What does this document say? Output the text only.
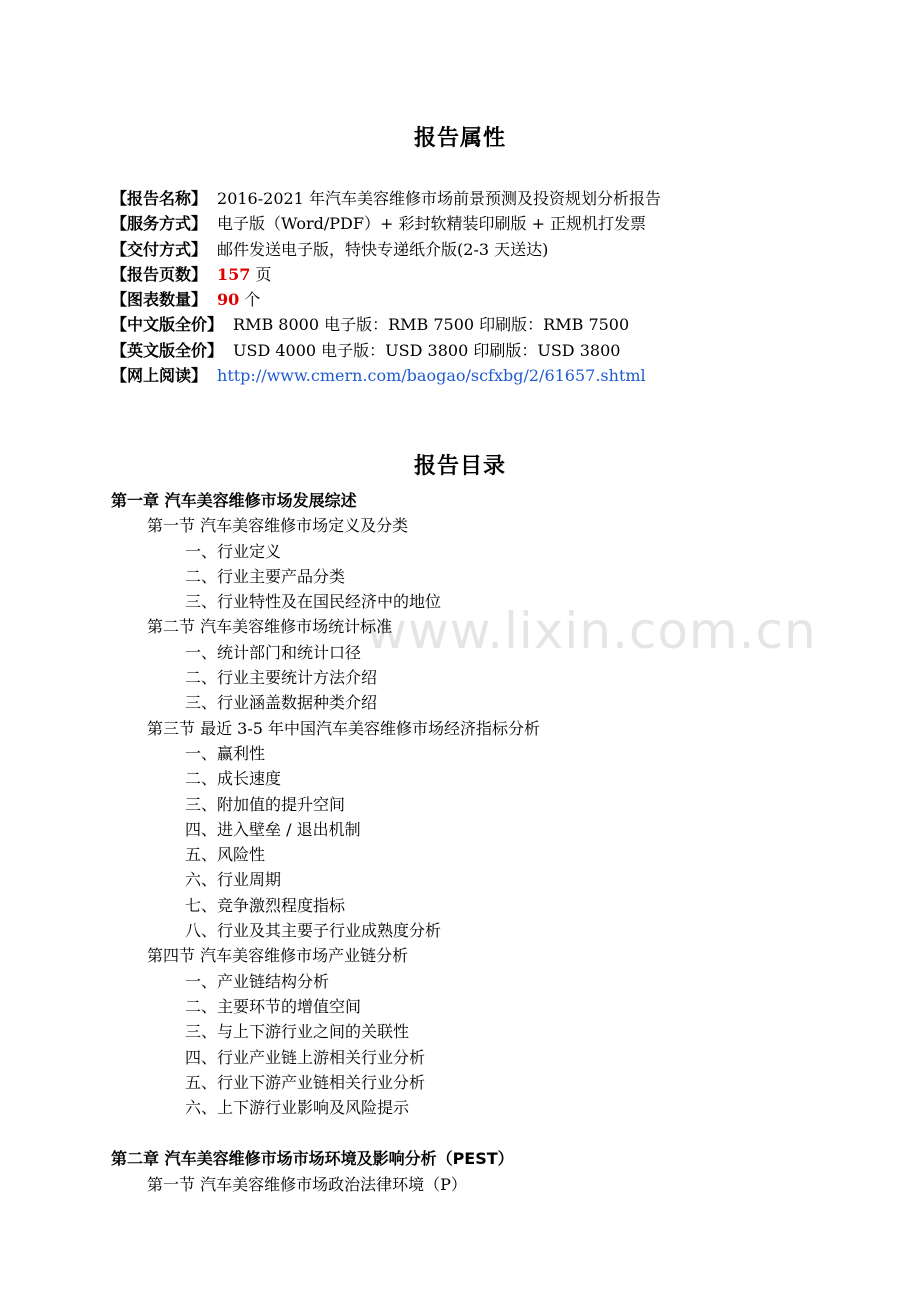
报告属性
【报告名称】 2016-2021 年汽车美容维修市场前景预测及投资规划分析报告
【服务方式】 电子版（Word/PDF）+ 彩封软精装印刷版 + 正规机打发票
【交付方式】 邮件发送电子版，特快专递纸介版(2-3 天送达)
【报告页数】 157 页
【图表数量】 90 个
【中文版全价】 RMB 8000 电子版：RMB 7500 印刷版：RMB 7500
【英文版全价】 USD 4000 电子版：USD 3800 印刷版：USD 3800
【网上阅读】 http://www.cmern.com/baogao/scfxbg/2/61657.shtml
报告目录
第一章 汽车美容维修市场发展综述
第一节 汽车美容维修市场定义及分类
一、行业定义
二、行业主要产品分类
三、行业特性及在国民经济中的地位
第二节 汽车美容维修市场统计标准
一、统计部门和统计口径
二、行业主要统计方法介绍
三、行业涵盖数据种类介绍
第三节 最近 3-5 年中国汽车美容维修市场经济指标分析
一、赢利性
二、成长速度
三、附加值的提升空间
四、进入壁垒 / 退出机制
五、风险性
六、行业周期
七、竞争激烈程度指标
八、行业及其主要子行业成熟度分析
第四节 汽车美容维修市场产业链分析
一、产业链结构分析
二、主要环节的增值空间
三、与上下游行业之间的关联性
四、行业产业链上游相关行业分析
五、行业下游产业链相关行业分析
六、上下游行业影响及风险提示
第二章 汽车美容维修市场市场环境及影响分析（PEST）
第一节 汽车美容维修市场政治法律环境（P）
www.lixin.com.cn
